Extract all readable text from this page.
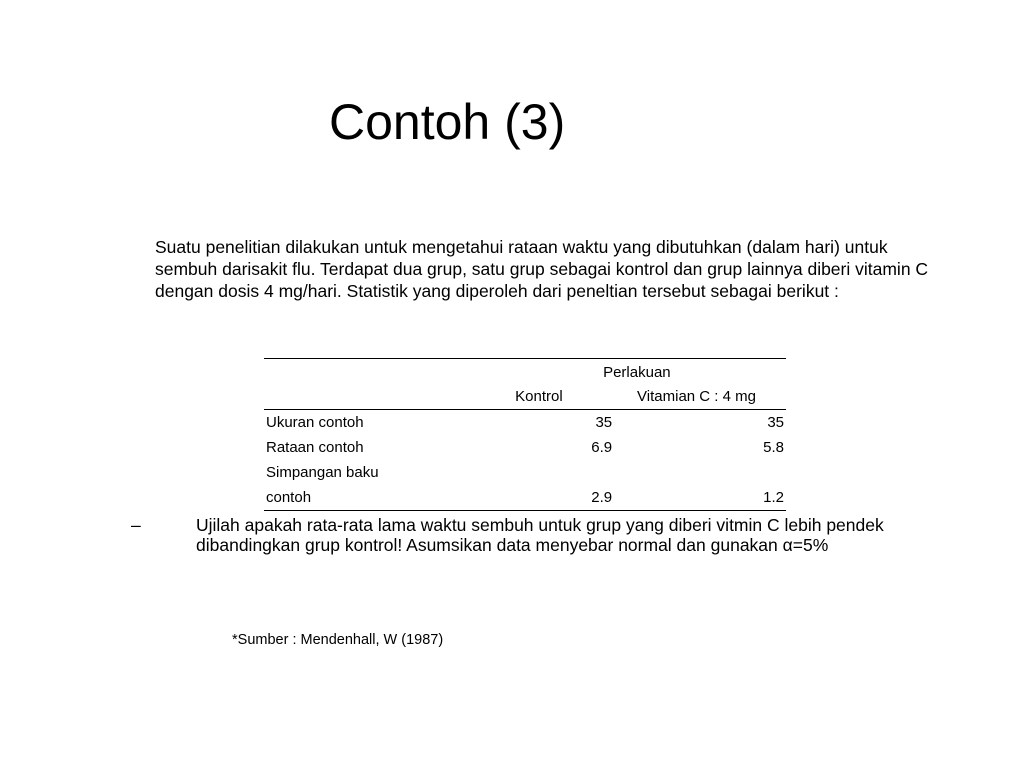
Contoh (3)
Suatu penelitian dilakukan untuk mengetahui rataan waktu yang dibutuhkan (dalam hari) untuk sembuh darisakit flu. Terdapat dua grup, satu grup sebagai kontrol dan grup lainnya diberi vitamin C dengan dosis 4 mg/hari. Statistik yang diperoleh dari peneltian tersebut sebagai berikut :
	Perlakuan	
	Kontrol	Vitamian C : 4 mg
Ukuran contoh	35	35
Rataan contoh	6.9	5.8

Simpangan baku
contoh	2.9	1.2
–	Ujilah apakah rata-rata lama waktu sembuh untuk grup yang diberi vitmin C lebih pendek dibandingkan grup kontrol! Asumsikan data menyebar normal dan gunakan α=5%
*Sumber : Mendenhall, W (1987)
